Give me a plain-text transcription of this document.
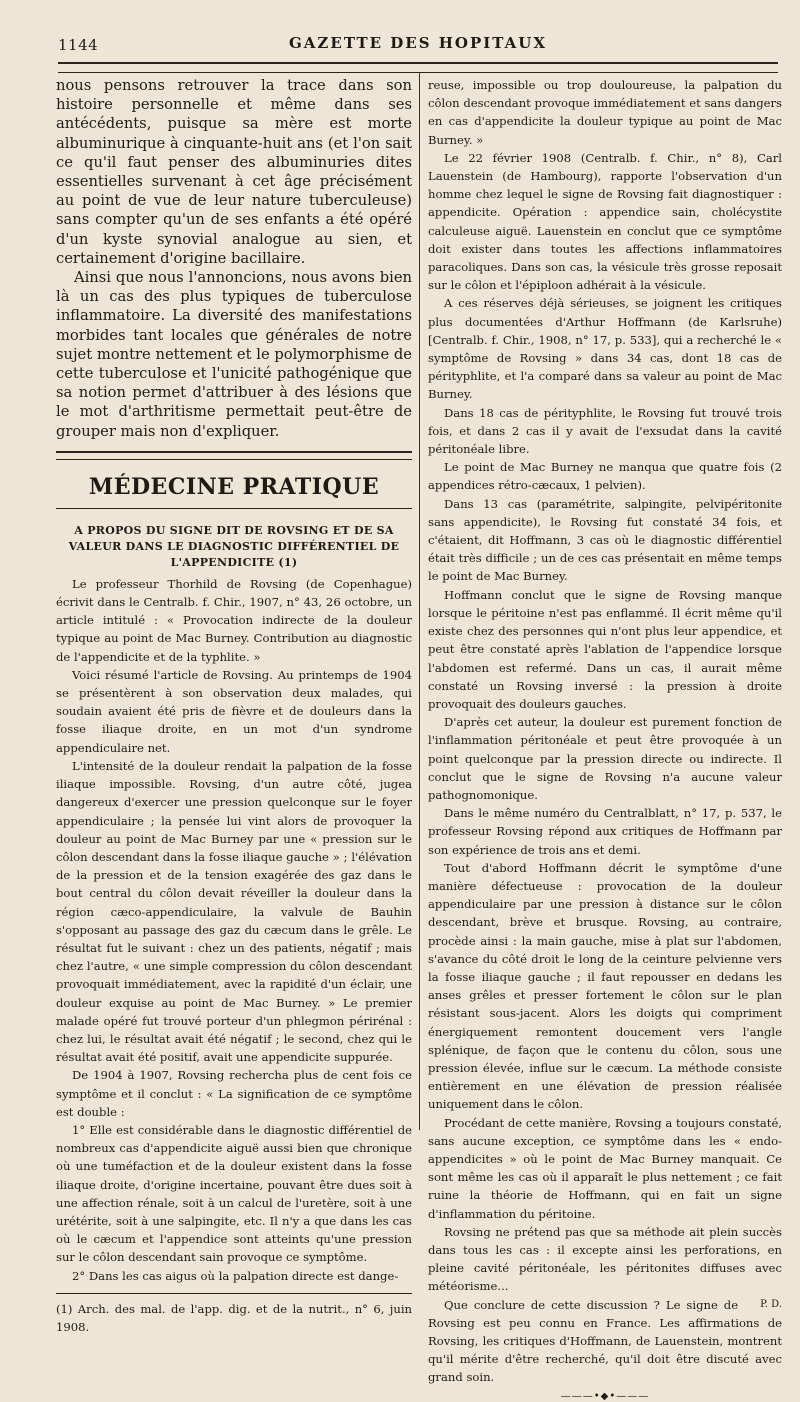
GAZETTE DES HOPITAUX
1144

nous pensons retrouver la trace dans son histoire personnelle et même dans ses antécédents, puisque sa mère est morte albuminurique à cinquante-huit ans (et l'on sait ce qu'il faut penser des albuminuries dites essentielles survenant à cet âge précisément au point de vue de leur nature tuberculeuse) sans compter qu'un de ses enfants a été opéré d'un kyste synovial analogue au sien, et certainement d'origine bacillaire.

Ainsi que nous l'annoncions, nous avons bien là un cas des plus typiques de tuberculose inflammatoire. La diversité des manifestations morbides tant locales que générales de notre sujet montre nettement et le polymorphisme de cette tuberculose et l'unicité pathogénique que sa notion permet d'attribuer à des lésions que le mot d'arthritisme permettait peut-être de grouper mais non d'expliquer.

MÉDECINE PRATIQUE
A PROPOS DU SIGNE DIT DE ROVSING ET DE SA VALEUR DANS LE DIAGNOSTIC DIFFÉRENTIEL DE L'APPENDICITE (1)

Le professeur Thorhild de Rovsing (de Copenhague) écrivit dans le Centralb. f. Chir., 1907, n° 43, 26 octobre, un article intitulé : « Provocation indirecte de la douleur typique au point de Mac Burney. Contribution au diagnostic de l'appendicite et de la typhlite. »

Voici résumé l'article de Rovsing. Au printemps de 1904 se présentèrent à son observation deux malades, qui soudain avaient été pris de fièvre et de douleurs dans la fosse iliaque droite, en un mot d'un syndrome appendiculaire net.

L'intensité de la douleur rendait la palpation de la fosse iliaque impossible. Rovsing, d'un autre côté, jugea dangereux d'exercer une pression quelconque sur le foyer appendiculaire ; la pensée lui vint alors de provoquer la douleur au point de Mac Burney par une « pression sur le côlon descendant dans la fosse iliaque gauche » ; l'élévation de la pression et de la tension exagérée des gaz dans le bout central du côlon devait réveiller la douleur dans la région cæco-appendiculaire, la valvule de Bauhin s'opposant au passage des gaz du cæcum dans le grêle. Le résultat fut le suivant : chez un des patients, négatif ; mais chez l'autre, « une simple compression du côlon descendant provoquait immédiatement, avec la rapidité d'un éclair, une douleur exquise au point de Mac Burney. » Le premier malade opéré fut trouvé porteur d'un phlegmon périrénal : chez lui, le résultat avait été négatif ; le second, chez qui le résultat avait été positif, avait une appendicite suppurée.

De 1904 à 1907, Rovsing rechercha plus de cent fois ce symptôme et il conclut : « La signification de ce symptôme est double :

1° Elle est considérable dans le diagnostic différentiel de nombreux cas d'appendicite aiguë aussi bien que chronique où une tuméfaction et de la douleur existent dans la fosse iliaque droite, d'origine incertaine, pouvant être dues soit à une affection rénale, soit à un calcul de l'uretère, soit à une urétérite, soit à une salpingite, etc. Il n'y a que dans les cas où le cæcum et l'appendice sont atteints qu'une pression sur le côlon descendant sain provoque ce symptôme.

2° Dans les cas aigus où la palpation directe est dange-

(1) Arch. des mal. de l'app. dig. et de la nutrit., n° 6, juin 1908.

reuse, impossible ou trop douloureuse, la palpation du côlon descendant provoque immédiatement et sans dangers en cas d'appendicite la douleur typique au point de Mac Burney. »

Le 22 février 1908 (Centralb. f. Chir., n° 8), Carl Lauenstein (de Hambourg), rapporte l'observation d'un homme chez lequel le signe de Rovsing fait diagnostiquer : appendicite. Opération : appendice sain, cholécystite calculeuse aiguë. Lauenstein en conclut que ce symptôme doit exister dans toutes les affections inflammatoires paracoliques. Dans son cas, la vésicule très grosse reposait sur le côlon et l'épiploon adhérait à la vésicule.

A ces réserves déjà sérieuses, se joignent les critiques plus documentées d'Arthur Hoffmann (de Karlsruhe) [Centralb. f. Chir., 1908, n° 17, p. 533], qui a recherché le « symptôme de Rovsing » dans 34 cas, dont 18 cas de pérityphlite, et l'a comparé dans sa valeur au point de Mac Burney.

Dans 18 cas de pérityphlite, le Rovsing fut trouvé trois fois, et dans 2 cas il y avait de l'exsudat dans la cavité péritonéale libre.

Le point de Mac Burney ne manqua que quatre fois (2 appendices rétro-cæcaux, 1 pelvien).

Dans 13 cas (paramétrite, salpingite, pelvipéritonite sans appendicite), le Rovsing fut constaté 34 fois, et c'étaient, dit Hoffmann, 3 cas où le diagnostic différentiel était très difficile ; un de ces cas présentait en même temps le point de Mac Burney.

Hoffmann conclut que le signe de Rovsing manque lorsque le péritoine n'est pas enflammé. Il écrit même qu'il existe chez des personnes qui n'ont plus leur appendice, et peut être constaté après l'ablation de l'appendice lorsque l'abdomen est refermé. Dans un cas, il aurait même constaté un Rovsing inversé : la pression à droite provoquait des douleurs gauches.

D'après cet auteur, la douleur est purement fonction de l'inflammation péritonéale et peut être provoquée à un point quelconque par la pression directe ou indirecte. Il conclut que le signe de Rovsing n'a aucune valeur pathognomonique.

Dans le même numéro du Centralblatt, n° 17, p. 537, le professeur Rovsing répond aux critiques de Hoffmann par son expérience de trois ans et demi.

Tout d'abord Hoffmann décrit le symptôme d'une manière défectueuse : provocation de la douleur appendiculaire par une pression à distance sur le côlon descendant, brève et brusque. Rovsing, au contraire, procède ainsi : la main gauche, mise à plat sur l'abdomen, s'avance du côté droit le long de la ceinture pelvienne vers la fosse iliaque gauche ; il faut repousser en dedans les anses grêles et presser fortement le côlon sur le plan résistant sous-jacent. Alors les doigts qui compriment énergiquement remontent doucement vers l'angle splénique, de façon que le contenu du côlon, sous une pression élevée, influe sur le cæcum. La méthode consiste entièrement en une élévation de pression réalisée uniquement dans le côlon.

Procédant de cette manière, Rovsing a toujours constaté, sans aucune exception, ce symptôme dans les « endo-appendicites » où le point de Mac Burney manquait. Ce sont même les cas où il apparaît le plus nettement ; ce fait ruine la théorie de Hoffmann, qui en fait un signe d'inflammation du péritoine.

Rovsing ne prétend pas que sa méthode ait plein succès dans tous les cas : il excepte ainsi les perforations, en pleine cavité péritonéale, les péritonites diffuses avec météorisme...

P. D.
Que conclure de cette discussion ? Le signe de Rovsing est peu connu en France. Les affirmations de Rovsing, les critiques d'Hoffmann, de Lauenstein, montrent qu'il mérite d'être recherché, qu'il doit être discuté avec grand soin.

———•◆•———
